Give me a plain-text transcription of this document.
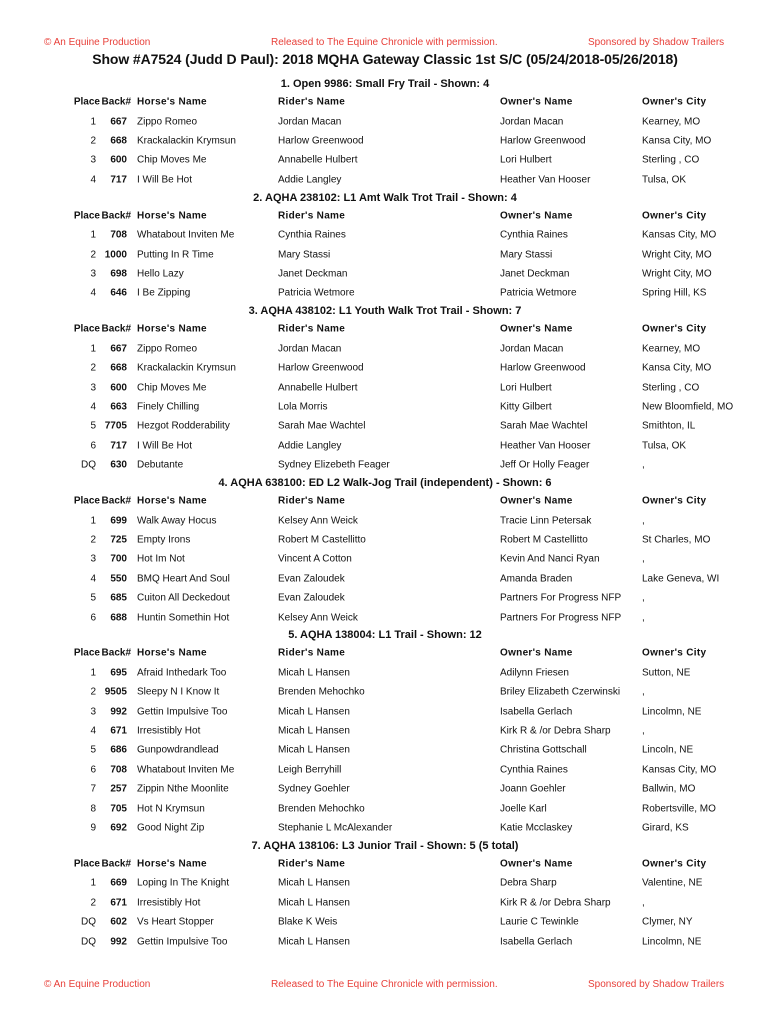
© An Equine Production	Released to The Equine Chronicle with permission.	Sponsored by Shadow Trailers
Show #A7524 (Judd D Paul): 2018 MQHA Gateway Classic 1st S/C (05/24/2018-05/26/2018)
1. Open 9986: Small Fry Trail - Shown: 4
Place Back# Horse's Name	Rider's Name	Owner's Name	Owner's City
1 667 Zippo Romeo	Jordan Macan	Jordan Macan	Kearney, MO
2 668 Krackalackin Krymsun	Harlow Greenwood	Harlow Greenwood	Kansa City, MO
3 600 Chip Moves Me	Annabelle Hulbert	Lori Hulbert	Sterling , CO
4 717 I Will Be Hot	Addie Langley	Heather Van Hooser	Tulsa, OK
2. AQHA 238102: L1 Amt Walk Trot Trail - Shown: 4
Place Back# Horse's Name	Rider's Name	Owner's Name	Owner's City
1 708 Whatabout Inviten Me	Cynthia Raines	Cynthia Raines	Kansas City, MO
2 1000 Putting In R Time	Mary Stassi	Mary Stassi	Wright City, MO
3 698 Hello Lazy	Janet Deckman	Janet Deckman	Wright City, MO
4 646 I Be Zipping	Patricia Wetmore	Patricia Wetmore	Spring Hill, KS
3. AQHA 438102: L1 Youth Walk Trot Trail - Shown: 7
Place Back# Horse's Name	Rider's Name	Owner's Name	Owner's City
1 667 Zippo Romeo	Jordan Macan	Jordan Macan	Kearney, MO
2 668 Krackalackin Krymsun	Harlow Greenwood	Harlow Greenwood	Kansa City, MO
3 600 Chip Moves Me	Annabelle Hulbert	Lori Hulbert	Sterling , CO
4 663 Finely Chilling	Lola Morris	Kitty Gilbert	New Bloomfield, MO
5 7705 Hezgot Rodderability	Sarah Mae Wachtel	Sarah Mae Wachtel	Smithton, IL
6 717 I Will Be Hot	Addie Langley	Heather Van Hooser	Tulsa, OK
DQ 630 Debutante	Sydney Elizebeth Feager	Jeff Or Holly Feager	,
4. AQHA 638100: ED L2 Walk-Jog Trail (independent) - Shown: 6
Place Back# Horse's Name	Rider's Name	Owner's Name	Owner's City
1 699 Walk Away Hocus	Kelsey Ann Weick	Tracie Linn Petersak	,
2 725 Empty Irons	Robert M Castellitto	Robert M Castellitto	St Charles, MO
3 700 Hot Im Not	Vincent A Cotton	Kevin And Nanci Ryan	,
4 550 BMQ Heart And Soul	Evan Zaloudek	Amanda Braden	Lake Geneva, WI
5 685 Cuiton All Deckedout	Evan Zaloudek	Partners For Progress NFP ,
6 688 Huntin Somethin Hot	Kelsey Ann Weick	Partners For Progress NFP ,
5. AQHA 138004: L1 Trail - Shown: 12
Place Back# Horse's Name	Rider's Name	Owner's Name	Owner's City
1 695 Afraid Inthedark Too	Micah L Hansen	Adilynn Friesen	Sutton, NE
2 9505 Sleepy N I Know It	Brenden Mehochko	Briley Elizabeth Czerwinski ,
3 992 Gettin Impulsive Too	Micah L Hansen	Isabella Gerlach	Lincolmn, NE
4 671 Irresistibly Hot	Micah L Hansen	Kirk R & /or Debra Sharp	,
5 686 Gunpowdrandlead	Micah L Hansen	Christina Gottschall	Lincoln, NE
6 708 Whatabout Inviten Me	Leigh Berryhill	Cynthia Raines	Kansas City, MO
7 257 Zippin Nthe Moonlite	Sydney Goehler	Joann Goehler	Ballwin, MO
8 705 Hot N Krymsun	Brenden Mehochko	Joelle Karl	Robertsville, MO
9 692 Good Night Zip	Stephanie L McAlexander	Katie Mcclaskey	Girard, KS
7. AQHA 138106: L3 Junior Trail - Shown: 5 (5 total)
Place Back# Horse's Name	Rider's Name	Owner's Name	Owner's City
1 669 Loping In The Knight	Micah L Hansen	Debra Sharp	Valentine, NE
2 671 Irresistibly Hot	Micah L Hansen	Kirk R & /or Debra Sharp	,
DQ 602 Vs Heart Stopper	Blake K Weis	Laurie C Tewinkle	Clymer, NY
DQ 992 Gettin Impulsive Too	Micah L Hansen	Isabella Gerlach	Lincolmn, NE
© An Equine Production	Released to The Equine Chronicle with permission.	Sponsored by Shadow Trailers
